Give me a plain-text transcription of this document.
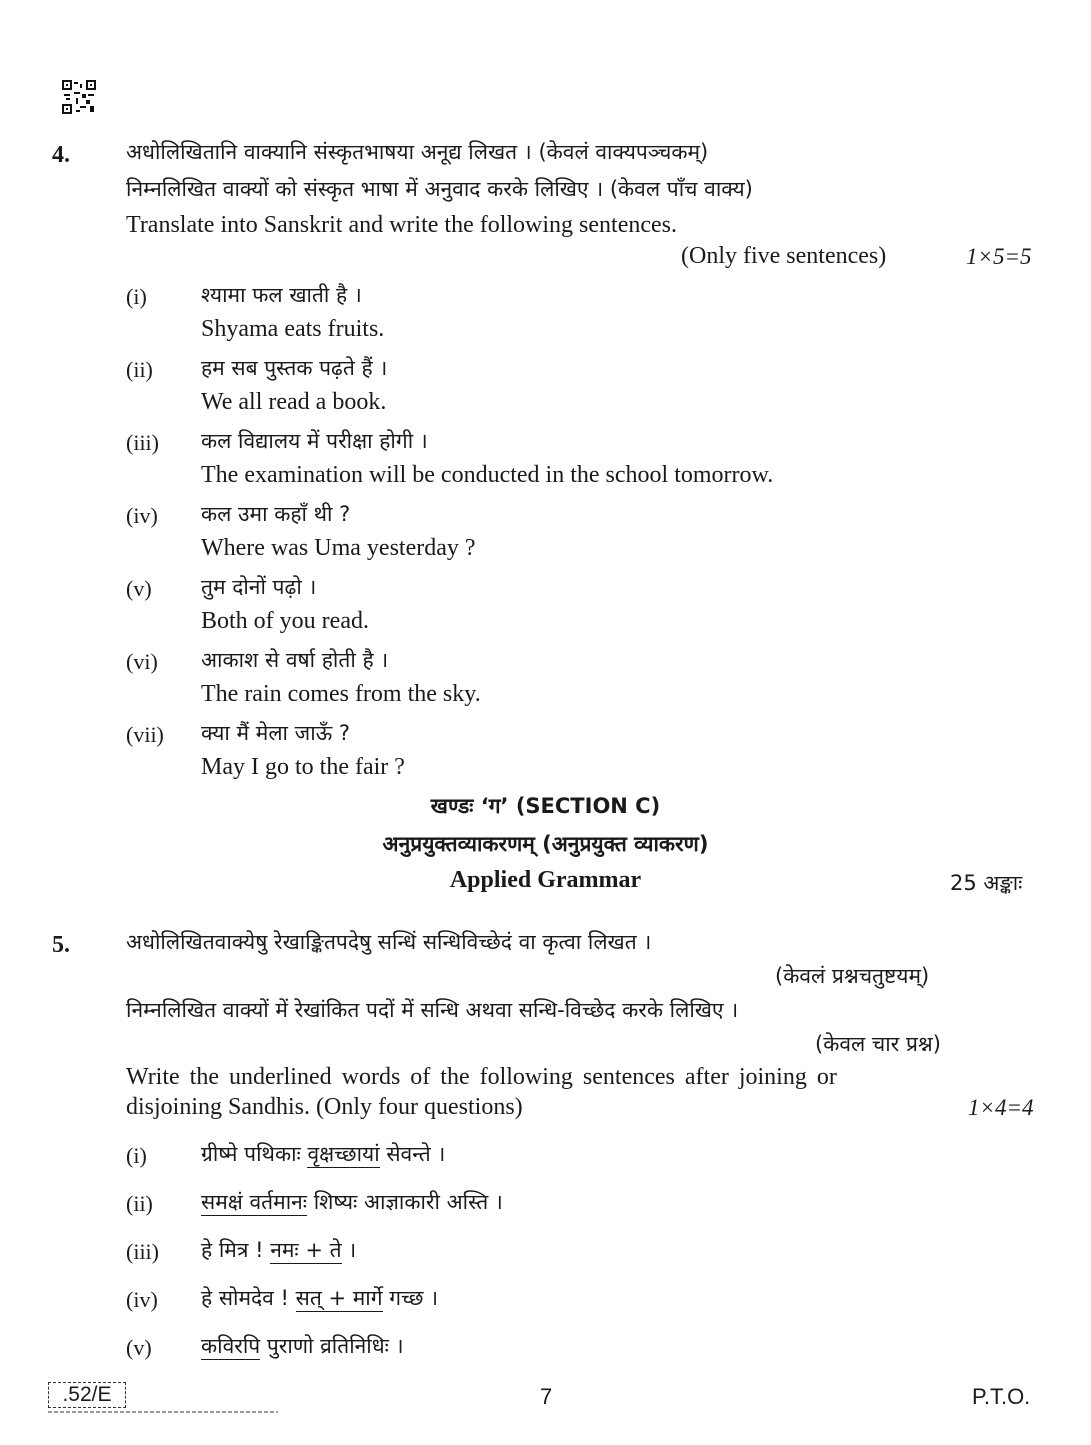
4.	अधोलिखितानि वाक्यानि संस्कृतभाषया अनूद्य लिखत । (केवलं वाक्यपञ्चकम्)
निम्नलिखित वाक्यों को संस्कृत भाषा में अनुवाद करके लिखिए । (केवल पाँच वाक्य)
Translate into Sanskrit and write the following sentences.
(Only five sentences)	1×5=5
(i)	श्यामा फल खाती है ।
Shyama eats fruits.
(ii) हम सब पुस्तक पढ़ते हैं ।
We all read a book.
(iii) कल विद्यालय में परीक्षा होगी ।
The examination will be conducted in the school tomorrow.
(iv) कल उमा कहाँ थी ?
Where was Uma yesterday ?
(v) तुम दोनों पढ़ो ।
Both of you read.
(vi) आकाश से वर्षा होती है ।
The rain comes from the sky.
(vii) क्या मैं मेला जाऊँ ?
May I go to the fair ?
खण्डः ‘ग’ (SECTION C)
अनुप्रयुक्तव्याकरणम् (अनुप्रयुक्त व्याकरण)
Applied Grammar	25 अङ्काः
5.	अधोलिखितवाक्येषु रेखाङ्कितपदेषु सन्धिं सन्धिविच्छेदं वा कृत्वा लिखत ।
(केवलं प्रश्नचतुष्टयम्)
निम्नलिखित वाक्यों में रेखांकित पदों में सन्धि अथवा सन्धि-विच्छेद करके लिखिए ।
(केवल चार प्रश्न)
Write the underlined words of the following sentences after joining or
disjoining Sandhis. (Only four questions)	1×4=4
(i)	ग्रीष्मे पथिकाः वृक्षच्छायां सेवन्ते ।
(ii) समक्षं वर्तमानः शिष्यः आज्ञाकारी अस्ति ।
(iii) हे मित्र ! नमः + ते ।
(iv) हे सोमदेव ! सत् + मार्गे गच्छ ।
(v) कविरपि पुराणो व्रतिनिधिः ।
.52/E	7	P.T.O.
